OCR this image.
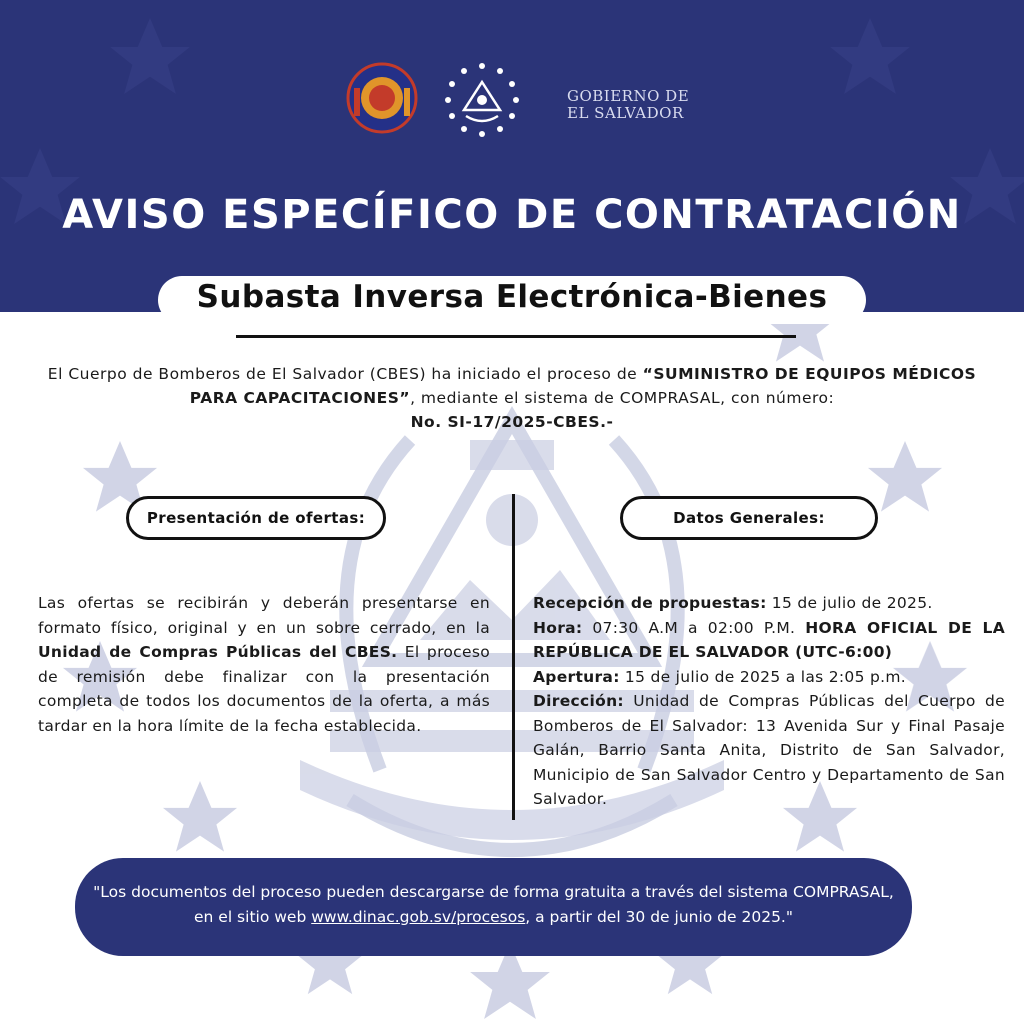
GOBIERNO DE
EL SALVADOR
AVISO ESPECÍFICO DE CONTRATACIÓN
Subasta Inversa Electrónica-Bienes
El Cuerpo de Bomberos de El Salvador (CBES) ha iniciado el proceso de “SUMINISTRO DE EQUIPOS MÉDICOS PARA CAPACITACIONES”, mediante el sistema de COMPRASAL, con número:
No. SI-17/2025-CBES.-
Presentación de ofertas:	Datos Generales:
Las ofertas se recibirán y deberán presentarse en formato físico, original y en un sobre cerrado, en la Unidad de Compras Públicas del CBES. El proceso de remisión debe finalizar con la presentación completa de todos los documentos de la oferta, a más tardar en la hora límite de la fecha establecida.

Recepción de propuestas: 15 de julio de 2025.

Hora: 07:30 A.M a 02:00 P.M. HORA OFICIAL DE LA REPÚBLICA DE EL SALVADOR (UTC-6:00)

Apertura: 15 de julio de 2025 a las 2:05 p.m.

Dirección: Unidad de Compras Públicas del Cuerpo de Bomberos de El Salvador: 13 Avenida Sur y Final Pasaje Galán, Barrio Santa Anita, Distrito de San Salvador, Municipio de San Salvador Centro y Departamento de San Salvador.

"Los documentos del proceso pueden descargarse de forma gratuita a través del sistema COMPRASAL, en el sitio web www.dinac.gob.sv/procesos, a partir del 30 de junio de 2025."
